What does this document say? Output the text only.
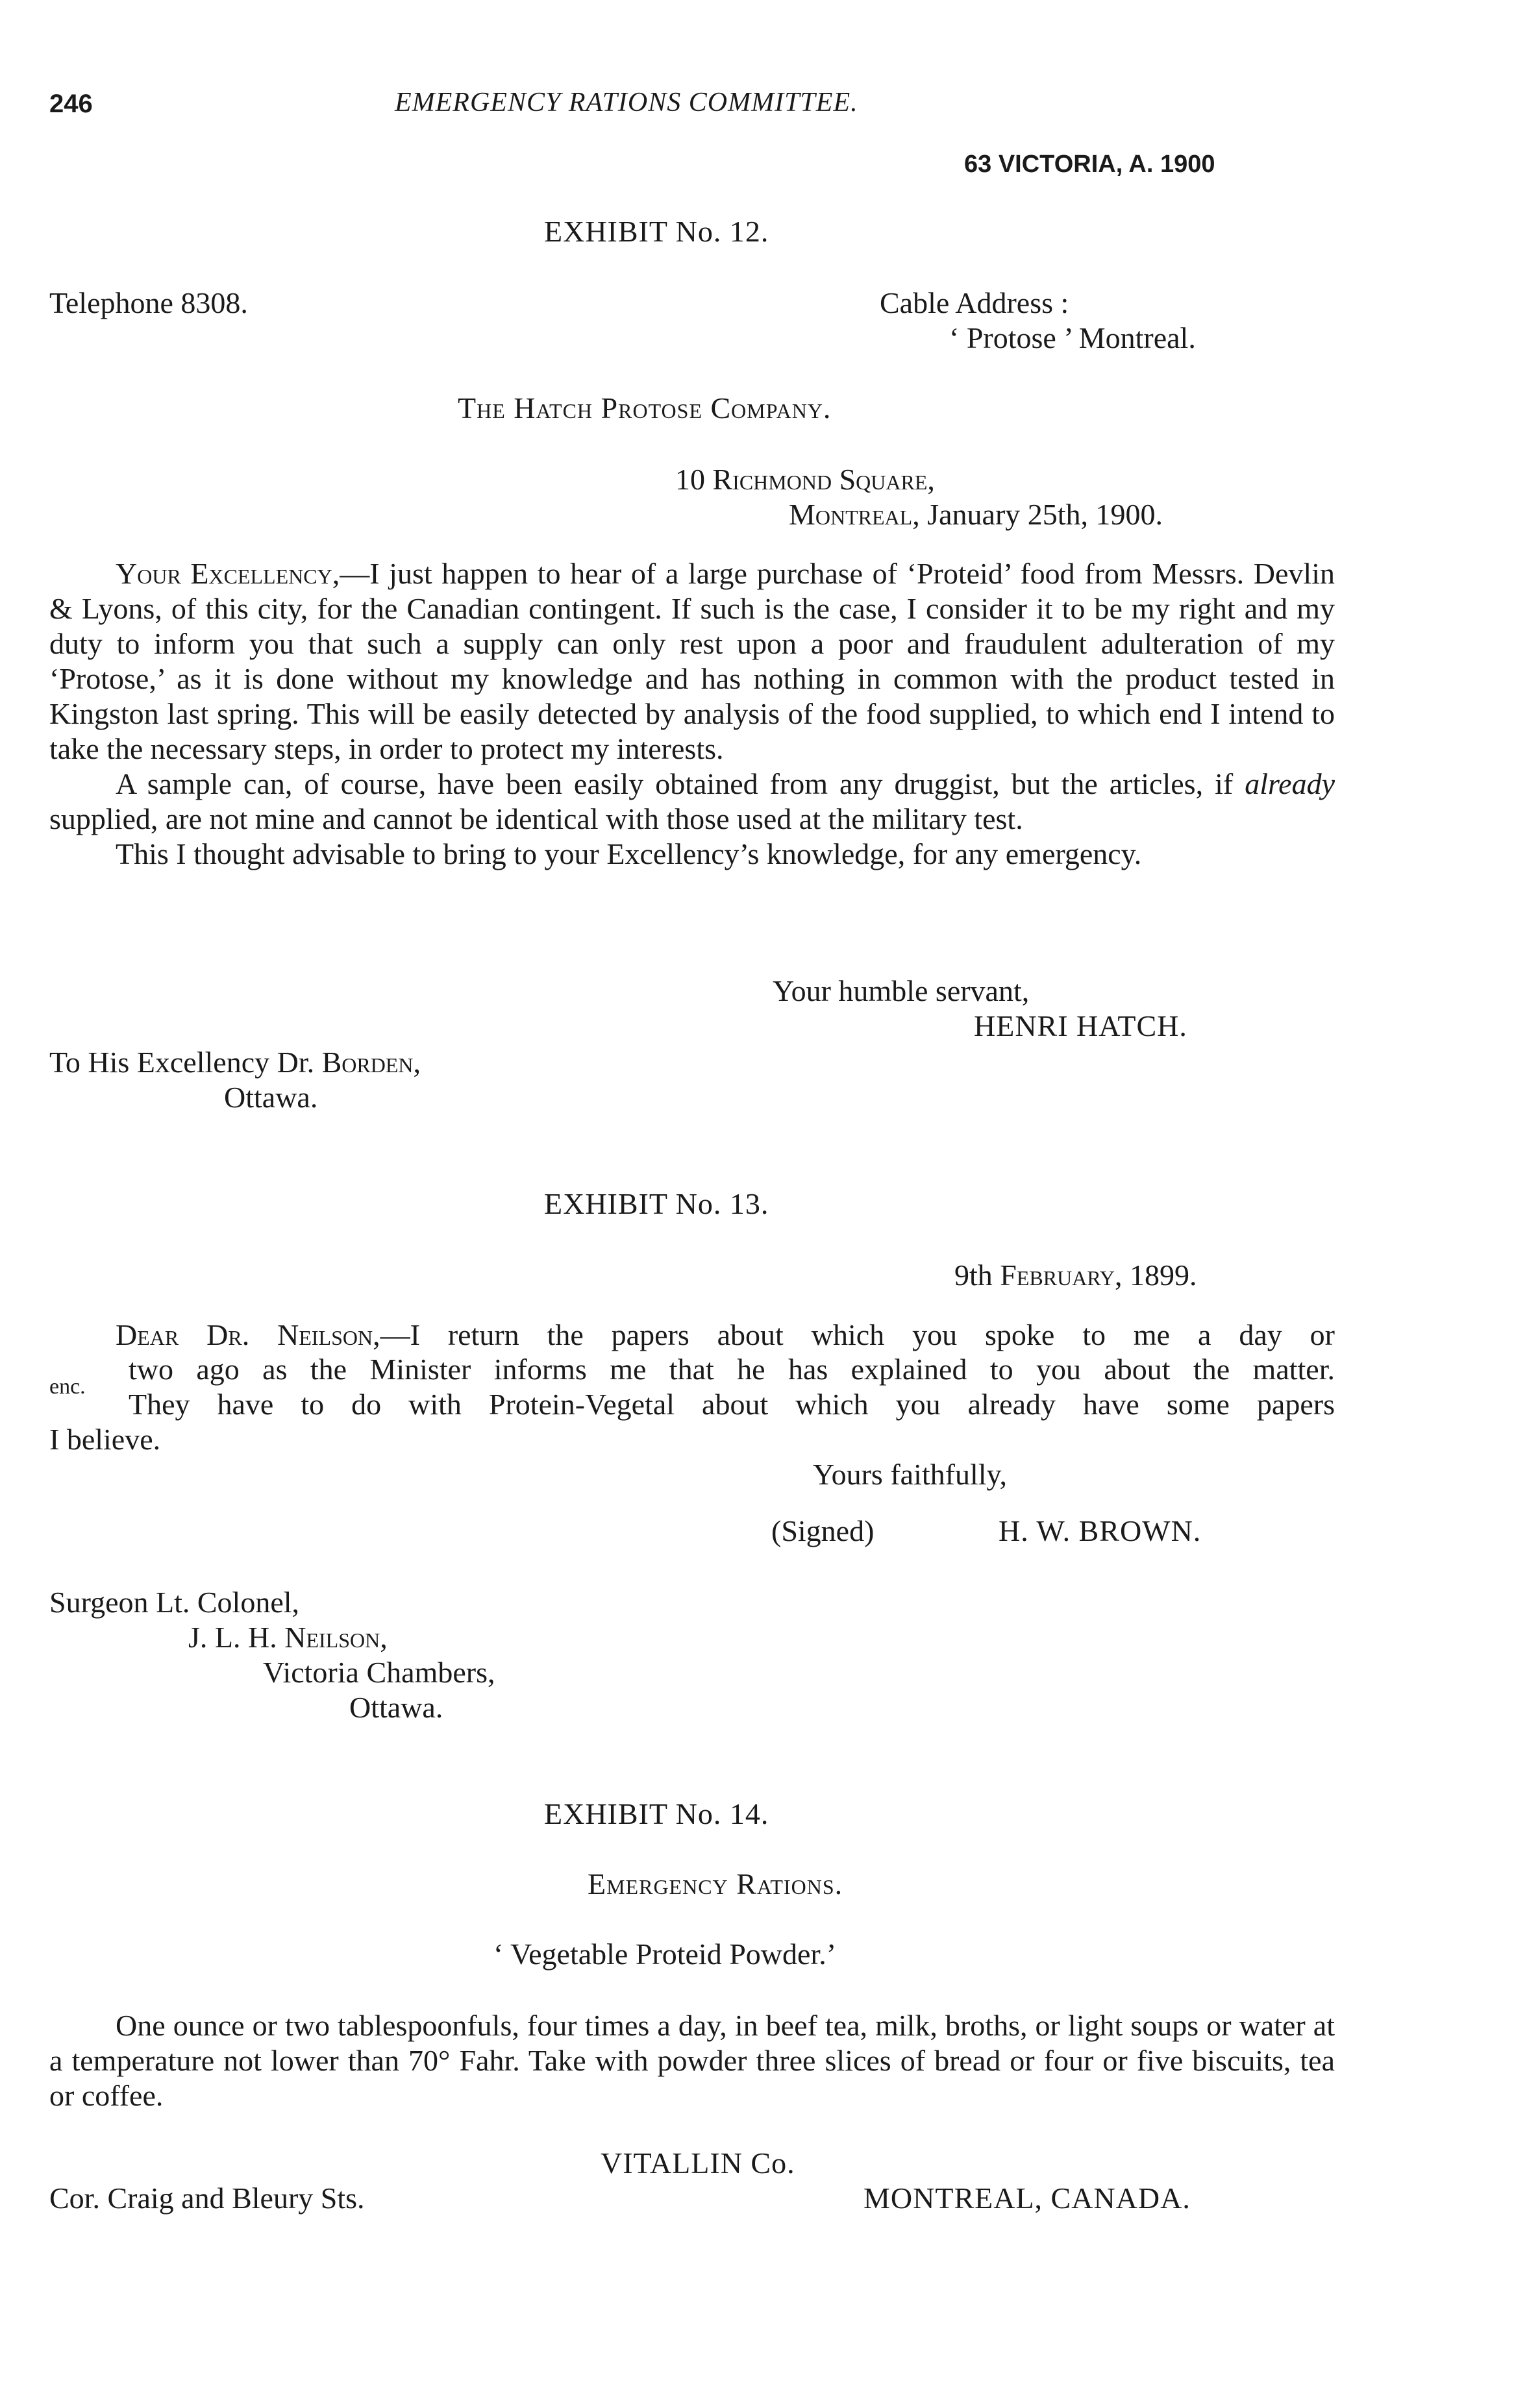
246	EMERGENCY RATIONS COMMITTEE.
63 VICTORIA, A. 1900
EXHIBIT No. 12.
Telephone 8308.	Cable Address :
‘ Protose ’ Montreal.
The Hatch Protose Company.
10 Richmond Square,
Montreal, January 25th, 1900.

Your Excellency,—I just happen to hear of a large purchase of ‘Proteid’ food from Messrs. Devlin & Lyons, of this city, for the Canadian contingent. If such is the case, I consider it to be my right and my duty to inform you that such a supply can only rest upon a poor and fraudulent adulteration of my ‘Protose,’ as it is done without my knowledge and has nothing in common with the product tested in Kingston last spring. This will be easily detected by analysis of the food supplied, to which end I intend to take the necessary steps, in order to protect my interests.

A sample can, of course, have been easily obtained from any druggist, but the articles, if already supplied, are not mine and cannot be identical with those used at the military test.

This I thought advisable to bring to your Excellency’s knowledge, for any emergency.

Your humble servant,
HENRI HATCH.
To His Excellency Dr. Borden,
Ottawa.
EXHIBIT No. 13.
9th February, 1899.
Dear Dr. Neilson,—I return the papers about which you spoke to me a day or
two ago as the Minister informs me that he has explained to you about the matter.
enc.
They have to do with Protein-Vegetal about which you already have some papers
I believe.
Yours faithfully,
(Signed)	H. W. BROWN.
Surgeon Lt. Colonel,
J. L. H. Neilson,
Victoria Chambers,
Ottawa.
EXHIBIT No. 14.
Emergency Rations.
‘ Vegetable Proteid Powder.’

One ounce or two tablespoonfuls, four times a day, in beef tea, milk, broths, or light soups or water at a temperature not lower than 70° Fahr. Take with powder three slices of bread or four or five biscuits, tea or coffee.

VITALLIN Co.
Cor. Craig and Bleury Sts.	MONTREAL, CANADA.
